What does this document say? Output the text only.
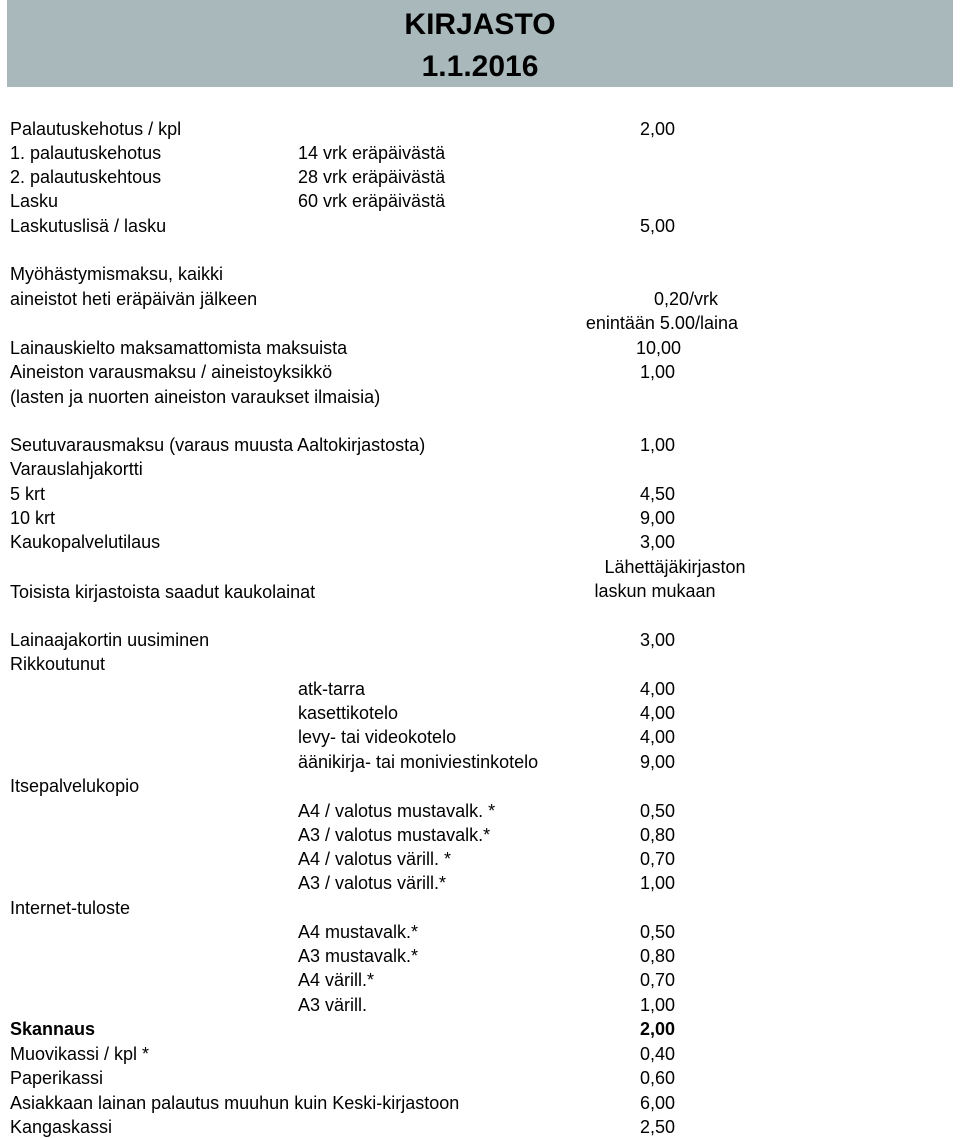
KIRJASTO
1.1.2016
Palautuskehotus / kpl	2,00
1. palautuskehotus	14 vrk eräpäivästä
2. palautuskehtous	28 vrk eräpäivästä
Lasku	60 vrk eräpäivästä
Laskutuslisä / lasku	5,00
Myöhästymismaksu, kaikki
aineistot heti eräpäivän jälkeen	0,20/vrk
enintään 5.00/laina
Lainauskielto maksamattomista maksuista	10,00
Aineiston varausmaksu / aineistoyksikkö	1,00
(lasten ja nuorten aineiston varaukset ilmaisia)
Seutuvarausmaksu (varaus muusta Aaltokirjastosta)	1,00
Varauslahjakortti
5 krt	4,50
10 krt	9,00
Kaukopalvelutilaus	3,00
Lähettäjäkirjaston
Toisista kirjastoista saadut kaukolainat	laskun mukaan
Lainaajakortin uusiminen	3,00
Rikkoutunut
atk-tarra	4,00
kasettikotelo	4,00
levy- tai videokotelo	4,00
äänikirja- tai moniviestinkotelo	9,00
Itsepalvelukopio
A4 / valotus mustavalk. *	0,50
A3 / valotus mustavalk.*	0,80
A4 / valotus värill. *	0,70
A3 / valotus värill.*	1,00
Internet-tuloste
A4 mustavalk.*	0,50
A3 mustavalk.*	0,80
A4 värill.*	0,70
A3 värill.	1,00
Skannaus	2,00
Muovikassi / kpl *	0,40
Paperikassi	0,60
Asiakkaan lainan palautus muuhun kuin Keski-kirjastoon	6,00
Kangaskassi	2,50
